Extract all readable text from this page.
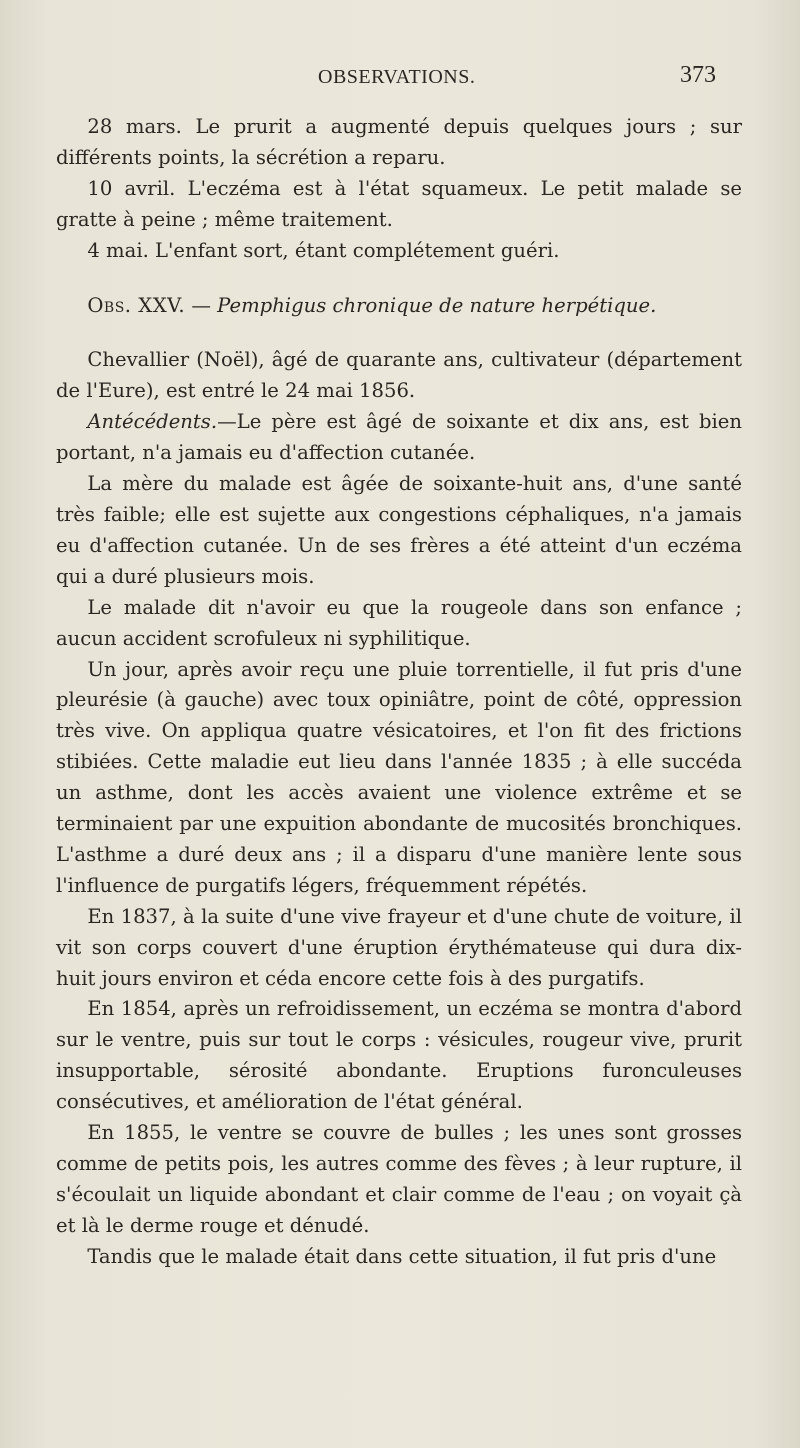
OBSERVATIONS.	373

28 mars. Le prurit a augmenté depuis quelques jours ; sur différents points, la sécrétion a reparu.

10 avril. L'eczéma est à l'état squameux. Le petit malade se gratte à peine ; même traitement.

4 mai. L'enfant sort, étant complétement guéri.

Obs. XXV. — Pemphigus chronique de nature herpétique.

Chevallier (Noël), âgé de quarante ans, cultivateur (département de l'Eure), est entré le 24 mai 1856.

Antécédents.—Le père est âgé de soixante et dix ans, est bien portant, n'a jamais eu d'affection cutanée.

La mère du malade est âgée de soixante-huit ans, d'une santé très faible; elle est sujette aux congestions céphaliques, n'a jamais eu d'affection cutanée. Un de ses frères a été atteint d'un eczéma qui a duré plusieurs mois.

Le malade dit n'avoir eu que la rougeole dans son enfance ; aucun accident scrofuleux ni syphilitique.

Un jour, après avoir reçu une pluie torrentielle, il fut pris d'une pleurésie (à gauche) avec toux opiniâtre, point de côté, oppression très vive. On appliqua quatre vésicatoires, et l'on fit des frictions stibiées. Cette maladie eut lieu dans l'année 1835 ; à elle succéda un asthme, dont les accès avaient une violence extrême et se terminaient par une expuition abondante de mucosités bronchiques. L'asthme a duré deux ans ; il a disparu d'une manière lente sous l'influence de purgatifs légers, fréquemment répétés.

En 1837, à la suite d'une vive frayeur et d'une chute de voiture, il vit son corps couvert d'une éruption érythémateuse qui dura dix-huit jours environ et céda encore cette fois à des purgatifs.

En 1854, après un refroidissement, un eczéma se montra d'abord sur le ventre, puis sur tout le corps : vésicules, rougeur vive, prurit insupportable, sérosité abondante. Eruptions furonculeuses consécutives, et amélioration de l'état général.

En 1855, le ventre se couvre de bulles ; les unes sont grosses comme de petits pois, les autres comme des fèves ; à leur rupture, il s'écoulait un liquide abondant et clair comme de l'eau ; on voyait çà et là le derme rouge et dénudé.

Tandis que le malade était dans cette situation, il fut pris d'une
